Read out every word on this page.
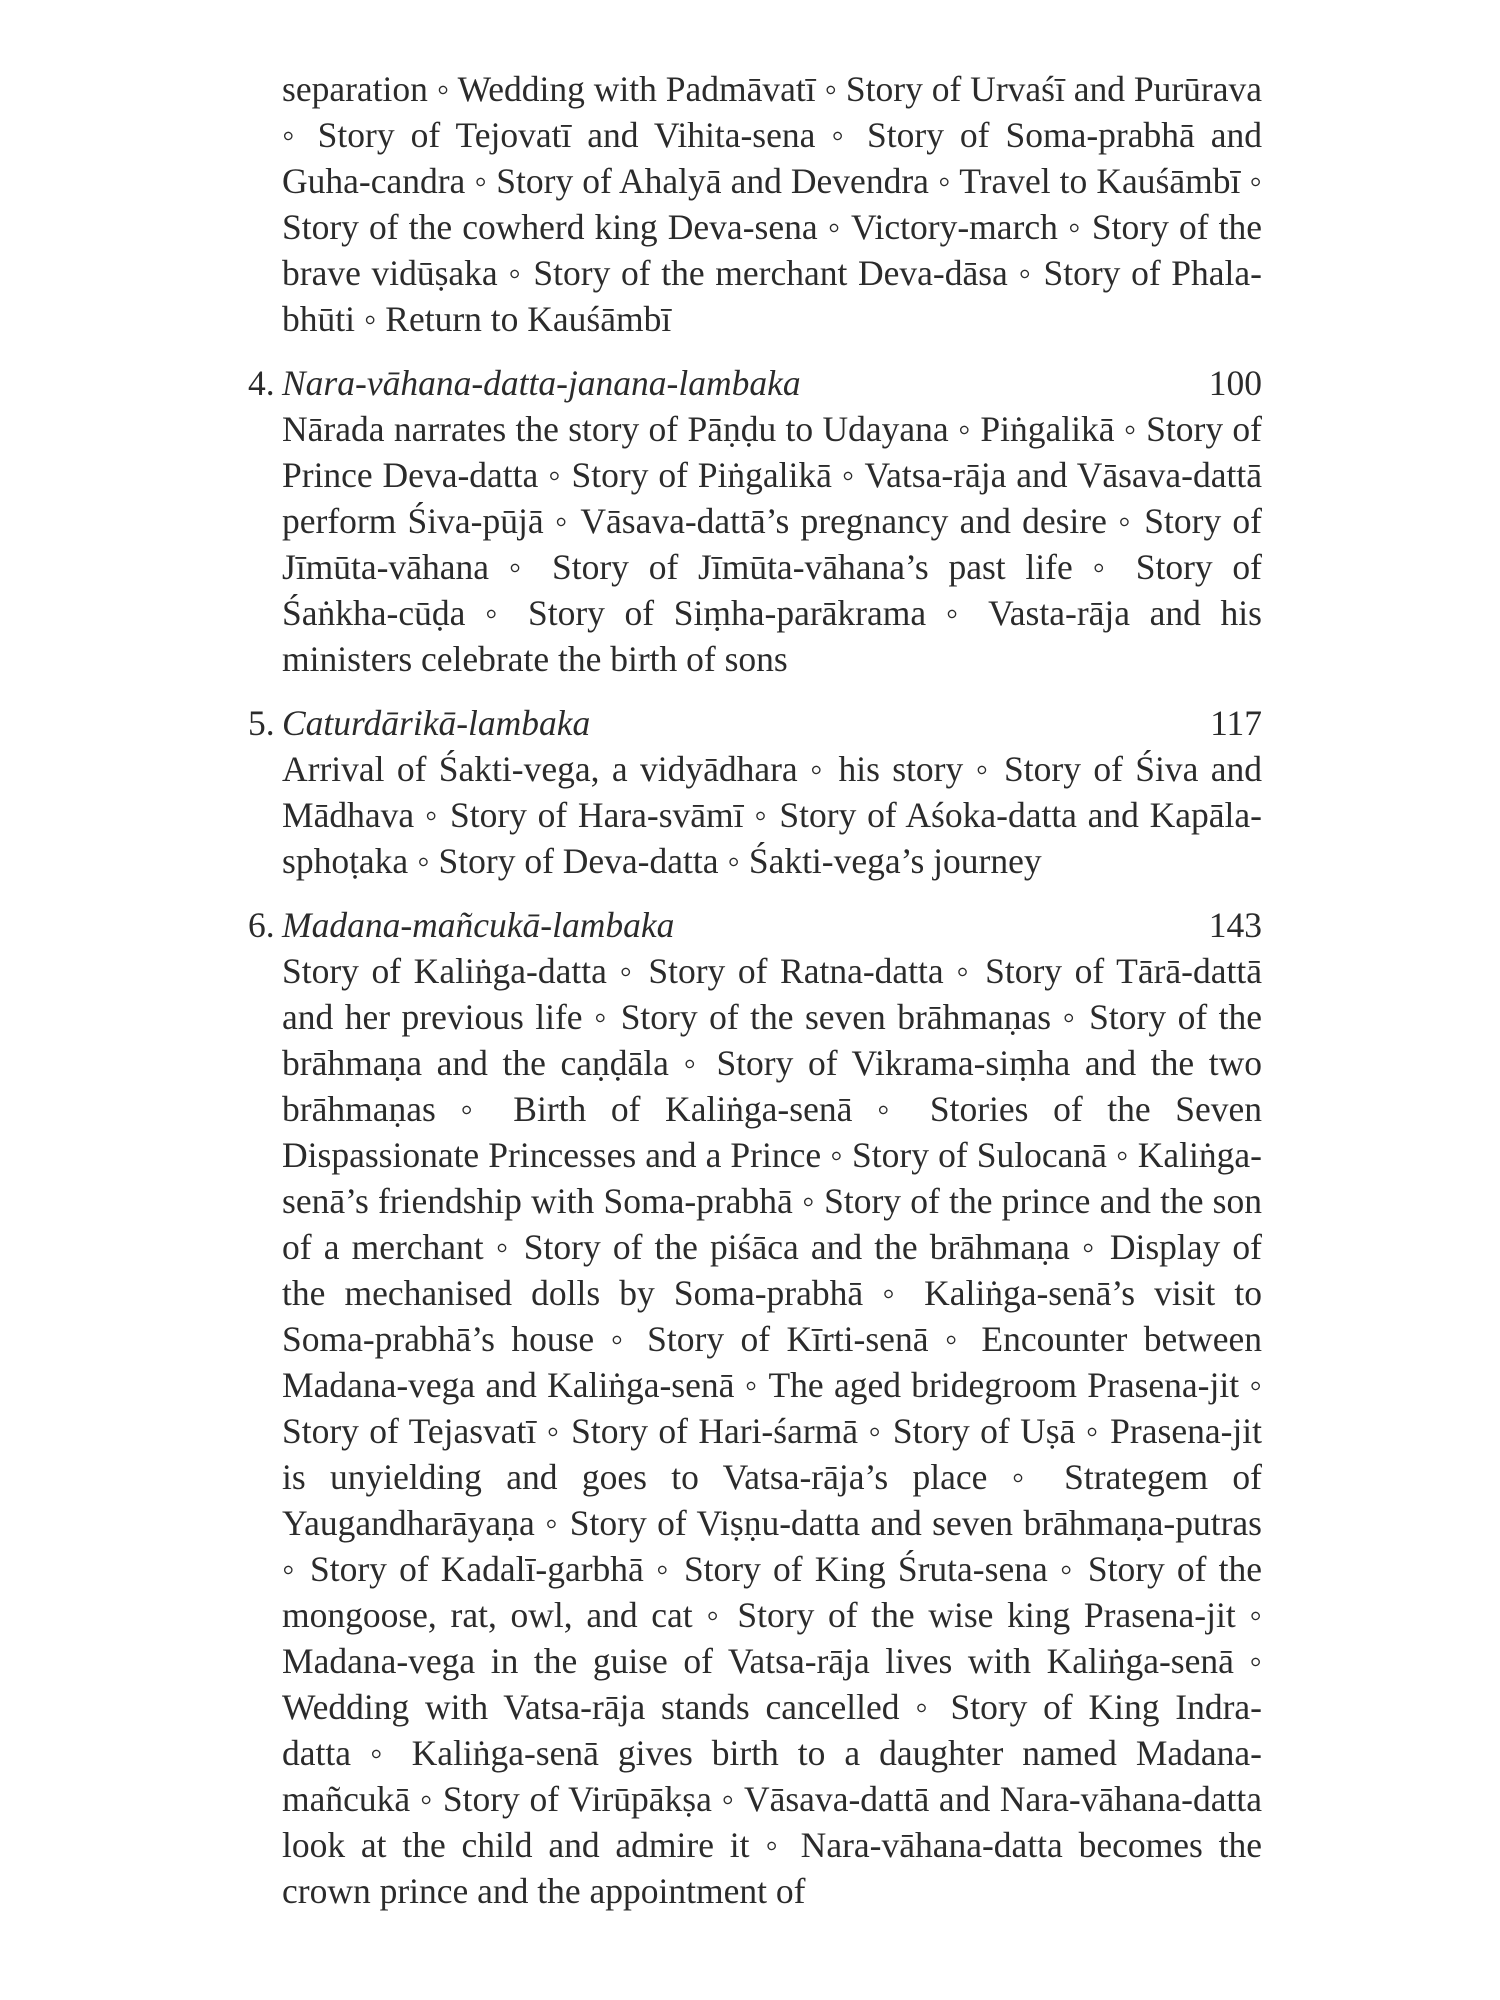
separation ◦ Wedding with Padmāvatī ◦ Story of Urvaśī and Purūrava ◦ Story of Tejovatī and Vihita-sena ◦ Story of Soma-prabhā and Guha-candra ◦ Story of Ahalyā and Devendra ◦ Travel to Kauśāmbī ◦ Story of the cowherd king Deva-sena ◦ Victory-march ◦ Story of the brave vidūṣaka ◦ Story of the merchant Deva-dāsa ◦ Story of Phala-bhūti ◦ Return to Kauśāmbī

4. Nara-vāhana-datta-janana-lambaka	100

Nārada narrates the story of Pāṇḍu to Udayana ◦ Piṅgalikā ◦ Story of Prince Deva-datta ◦ Story of Piṅgalikā ◦ Vatsa-rāja and Vāsava-dattā perform Śiva-pūjā ◦ Vāsava-dattā’s pregnancy and desire ◦ Story of Jīmūta-vāhana ◦ Story of Jīmūta-vāhana’s past life ◦ Story of Śaṅkha-cūḍa ◦ Story of Siṃha-parākrama ◦ Vasta-rāja and his ministers celebrate the birth of sons

5. Caturdārikā-lambaka	117

Arrival of Śakti-vega, a vidyādhara ◦ his story ◦ Story of Śiva and Mādhava ◦ Story of Hara-svāmī ◦ Story of Aśoka-datta and Kapāla-sphoṭaka ◦ Story of Deva-datta ◦ Śakti-vega’s journey

6. Madana-mañcukā-lambaka	143

Story of Kaliṅga-datta ◦ Story of Ratna-datta ◦ Story of Tārā-dattā and her previous life ◦ Story of the seven brāhmaṇas ◦ Story of the brāhmaṇa and the caṇḍāla ◦ Story of Vikrama-siṃha and the two brāhmaṇas ◦ Birth of Kaliṅga-senā ◦ Stories of the Seven Dispassionate Princesses and a Prince ◦ Story of Sulocanā ◦ Kaliṅga-senā’s friendship with Soma-prabhā ◦ Story of the prince and the son of a merchant ◦ Story of the piśāca and the brāhmaṇa ◦ Display of the mechanised dolls by Soma-prabhā ◦ Kaliṅga-senā’s visit to Soma-prabhā’s house ◦ Story of Kīrti-senā ◦ Encounter between Madana-vega and Kaliṅga-senā ◦ The aged bridegroom Prasena-jit ◦ Story of Tejasvatī ◦ Story of Hari-śarmā ◦ Story of Uṣā ◦ Prasena-jit is unyielding and goes to Vatsa-rāja’s place ◦ Strategem of Yaugandharāyaṇa ◦ Story of Viṣṇu-datta and seven brāhmaṇa-putras ◦ Story of Kadalī-garbhā ◦ Story of King Śruta-sena ◦ Story of the mongoose, rat, owl, and cat ◦ Story of the wise king Prasena-jit ◦ Madana-vega in the guise of Vatsa-rāja lives with Kaliṅga-senā ◦ Wedding with Vatsa-rāja stands cancelled ◦ Story of King Indra-datta ◦ Kaliṅga-senā gives birth to a daughter named Madana-mañcukā ◦ Story of Virūpākṣa ◦ Vāsava-dattā and Nara-vāhana-datta look at the child and admire it ◦ Nara-vāhana-datta becomes the crown prince and the appointment of
